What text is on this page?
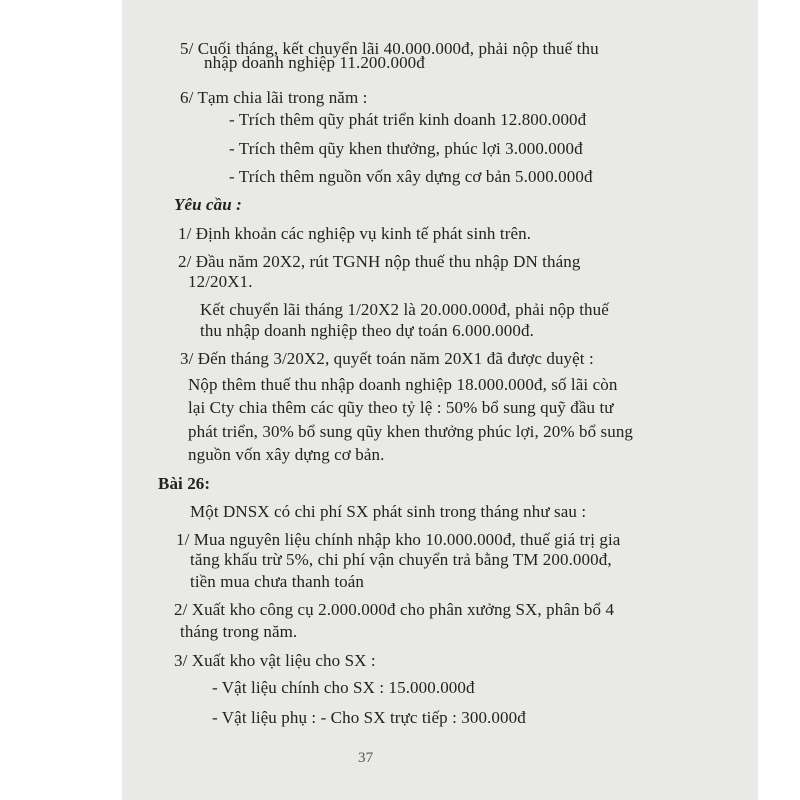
5/ Cuối tháng, kết chuyển lãi 40.000.000đ, phải nộp thuế thu
nhập doanh nghiệp 11.200.000đ
6/ Tạm chia lãi trong năm :
- Trích thêm qũy phát triển kinh doanh 12.800.000đ
- Trích thêm qũy khen thưởng, phúc lợi 3.000.000đ
- Trích thêm nguồn vốn xây dựng cơ bản 5.000.000đ
Yêu cầu :
1/ Định khoản các nghiệp vụ kinh tế phát sinh trên.
2/ Đầu năm 20X2, rút TGNH nộp thuế thu nhập DN tháng
12/20X1.
Kết chuyển lãi tháng 1/20X2 là 20.000.000đ, phải nộp thuế
thu nhập doanh nghiệp theo dự toán 6.000.000đ.
3/ Đến tháng 3/20X2, quyết toán năm 20X1 đã được duyệt :
Nộp thêm thuế thu nhập doanh nghiệp 18.000.000đ, số lãi còn
lại Cty chia thêm các qũy theo tỷ lệ : 50% bổ sung quỹ đầu tư
phát triển, 30% bổ sung qũy khen thưởng phúc lợi, 20% bổ sung
nguồn vốn xây dựng cơ bản.
Bài 26:
Một DNSX có chi phí SX phát sinh trong tháng như sau :
1/ Mua nguyên liệu chính nhập kho 10.000.000đ, thuế giá trị gia
tăng khấu trừ 5%, chi phí vận chuyển trả bằng TM 200.000đ,
tiền mua chưa thanh toán
2/ Xuất kho công cụ 2.000.000đ cho phân xưởng SX, phân bổ 4
tháng trong năm.
3/ Xuất kho vật liệu cho SX :
- Vật liệu chính cho SX : 15.000.000đ
- Vật liệu phụ : - Cho SX trực tiếp : 300.000đ
37
